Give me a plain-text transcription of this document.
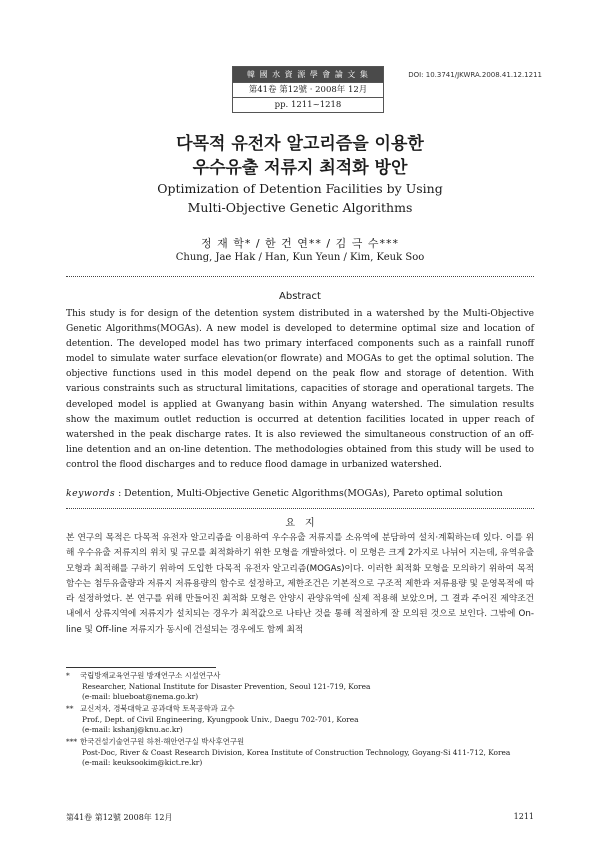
韓 國 水 資 源 學 會 論 文 集
第41卷 第12號 · 2008年 12月
pp. 1211~1218
DOI: 10.3741/JKWRA.2008.41.12.1211
다목적 유전자 알고리즘을 이용한
우수유출 저류지 최적화 방안
Optimization of Detention Facilities by Using
Multi-Objective Genetic Algorithms
정 재 학* / 한 건 연** / 김 극 수***
Chung, Jae Hak / Han, Kun Yeun / Kim, Keuk Soo
Abstract
This study is for design of the detention system distributed in a watershed by the Multi-Objective Genetic Algorithms(MOGAs). A new model is developed to determine optimal size and location of detention. The developed model has two primary interfaced components such as a rainfall runoff model to simulate water surface elevation(or flowrate) and MOGAs to get the optimal solution. The objective functions used in this model depend on the peak flow and storage of detention. With various constraints such as structural limitations, capacities of storage and operational targets. The developed model is applied at Gwanyang basin within Anyang watershed. The simulation results show the maximum outlet reduction is occurred at detention facilities located in upper reach of watershed in the peak discharge rates. It is also reviewed the simultaneous construction of an off-line detention and an on-line detention. The methodologies obtained from this study will be used to control the flood discharges and to reduce flood damage in urbanized watershed.
keywords : Detention, Multi-Objective Genetic Algorithms(MOGAs), Pareto optimal solution
요　지
본 연구의 목적은 다목적 유전자 알고리즘을 이용하여 우수유출 저류지를 소유역에 분담하여 설치·계획하는데 있다. 이를 위해 우수유출 저류지의 위치 및 규모를 최적화하기 위한 모형을 개발하였다. 이 모형은 크게 2가지로 나뉘어 지는데, 유역유출모형과 최적해를 구하기 위하여 도입한 다목적 유전자 알고리즘(MOGAs)이다. 이러한 최적화 모형을 모의하기 위하여 목적함수는 첨두유출량과 저류지 저류용량의 함수로 설정하고, 제한조건은 기본적으로 구조적 제한과 저류용량 및 운영목적에 따라 설정하였다. 본 연구를 위해 만들어진 최적화 모형은 안양시 관양유역에 실제 적용해 보았으며, 그 결과 주어진 제약조건내에서 상류지역에 저류지가 설치되는 경우가 최적값으로 나타난 것을 통해 적절하게 잘 모의된 것으로 보인다. 그밖에 On-line 및 Off-line 저류지가 동시에 건설되는 경우에도 함께 최적
* 국립방재교육연구원 방재연구소 시설연구사
Researcher, National Institute for Disaster Prevention, Seoul 121-719, Korea
(e-mail: blueboat@nema.go.kr)
** 교신저자, 경북대학교 공과대학 토목공학과 교수
Prof., Dept. of Civil Engineering, Kyungpook Univ., Daegu 702-701, Korea
(e-mail: kshanj@knu.ac.kr)
*** 한국건설기술연구원 하천·해안연구실 박사후연구원
Post-Doc, River & Coast Research Division, Korea Institute of Construction Technology, Goyang-Si 411-712, Korea
(e-mail: keuksookim@kict.re.kr)
第41卷 第12號 2008年 12月	1211
